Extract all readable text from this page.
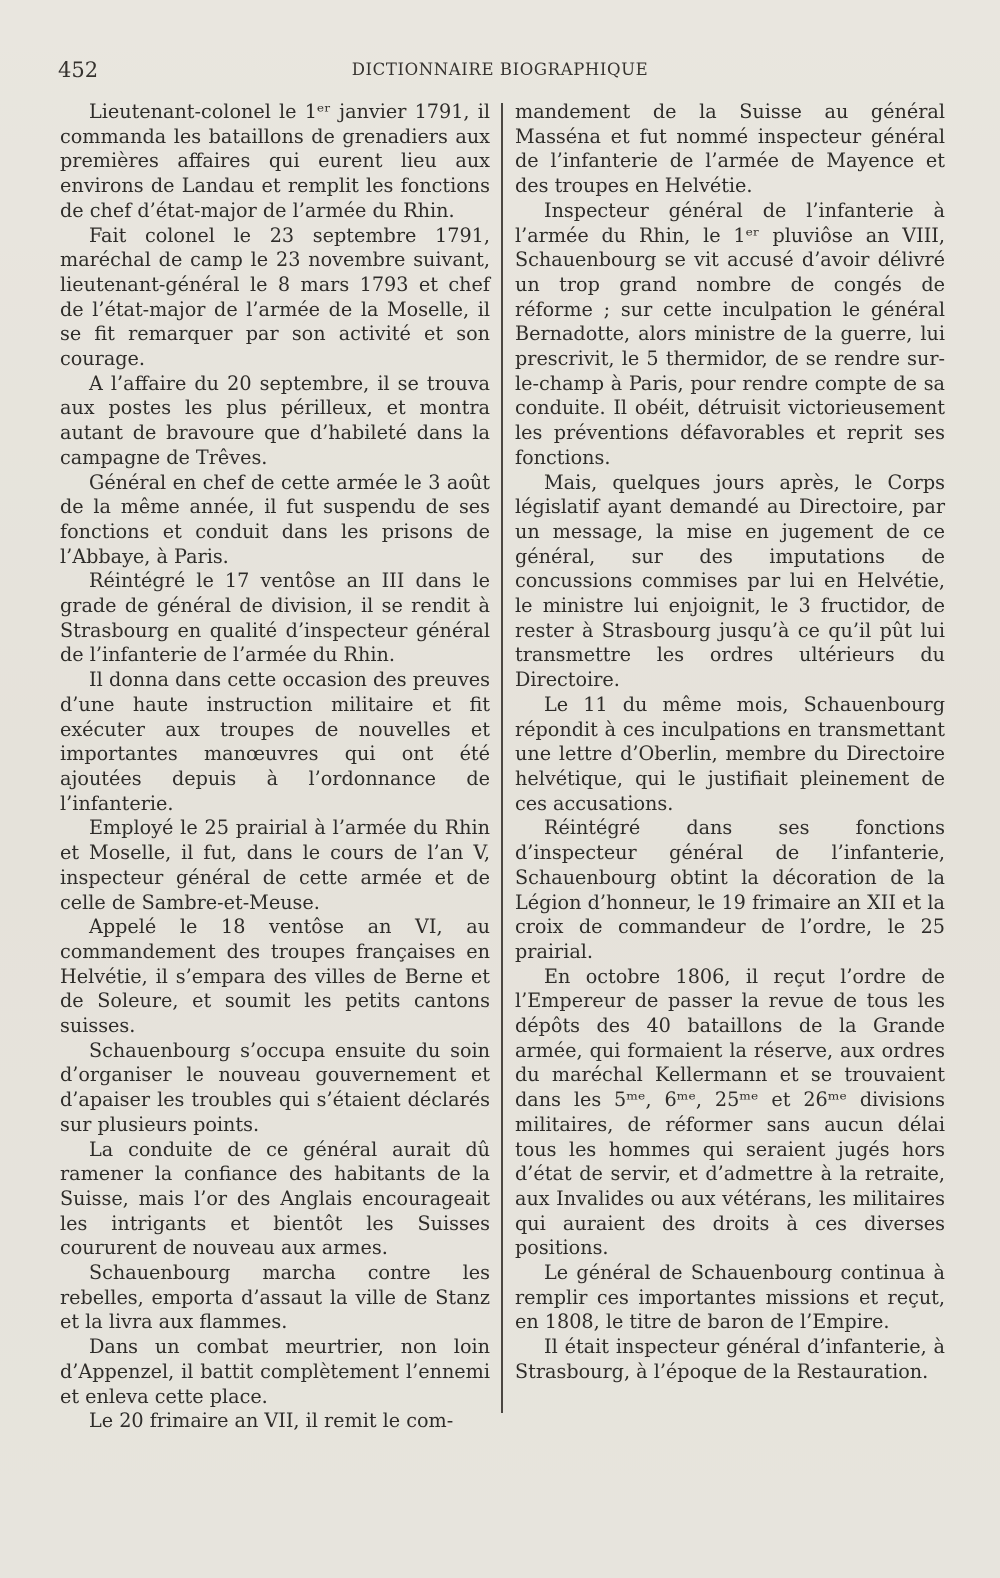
452	DICTIONNAIRE BIOGRAPHIQUE

Lieutenant-colonel le 1ᵉʳ janvier 1791, il commanda les bataillons de grenadiers aux premières affaires qui eurent lieu aux environs de Landau et remplit les fonctions de chef d’état-major de l’armée du Rhin.

Fait colonel le 23 septembre 1791, maréchal de camp le 23 novembre suivant, lieutenant-général le 8 mars 1793 et chef de l’état-major de l’armée de la Moselle, il se fit remarquer par son activité et son courage.

A l’affaire du 20 septembre, il se trouva aux postes les plus périlleux, et montra autant de bravoure que d’habileté dans la campagne de Trêves.

Général en chef de cette armée le 3 août de la même année, il fut suspendu de ses fonctions et conduit dans les prisons de l’Abbaye, à Paris.

Réintégré le 17 ventôse an III dans le grade de général de division, il se rendit à Strasbourg en qualité d’inspecteur général de l’infanterie de l’armée du Rhin.

Il donna dans cette occasion des preuves d’une haute instruction militaire et fit exécuter aux troupes de nouvelles et importantes manœuvres qui ont été ajoutées depuis à l’ordonnance de l’infanterie.

Employé le 25 prairial à l’armée du Rhin et Moselle, il fut, dans le cours de l’an V, inspecteur général de cette armée et de celle de Sambre-et-Meuse.

Appelé le 18 ventôse an VI, au commandement des troupes françaises en Helvétie, il s’empara des villes de Berne et de Soleure, et soumit les petits cantons suisses.

Schauenbourg s’occupa ensuite du soin d’organiser le nouveau gouvernement et d’apaiser les troubles qui s’étaient déclarés sur plusieurs points.

La conduite de ce général aurait dû ramener la confiance des habitants de la Suisse, mais l’or des Anglais encourageait les intrigants et bientôt les Suisses coururent de nouveau aux armes.

Schauenbourg marcha contre les rebelles, emporta d’assaut la ville de Stanz et la livra aux flammes.

Dans un combat meurtrier, non loin d’Appenzel, il battit complètement l’ennemi et enleva cette place.

Le 20 frimaire an VII, il remit le com-

mandement de la Suisse au général Masséna et fut nommé inspecteur général de l’infanterie de l’armée de Mayence et des troupes en Helvétie.

Inspecteur général de l’infanterie à l’armée du Rhin, le 1ᵉʳ pluviôse an VIII, Schauenbourg se vit accusé d’avoir délivré un trop grand nombre de congés de réforme ; sur cette inculpation le général Bernadotte, alors ministre de la guerre, lui prescrivit, le 5 thermidor, de se rendre sur-le-champ à Paris, pour rendre compte de sa conduite. Il obéit, détruisit victorieusement les préventions défavorables et reprit ses fonctions.

Mais, quelques jours après, le Corps législatif ayant demandé au Directoire, par un message, la mise en jugement de ce général, sur des imputations de concussions commises par lui en Helvétie, le ministre lui enjoignit, le 3 fructidor, de rester à Strasbourg jusqu’à ce qu’il pût lui transmettre les ordres ultérieurs du Directoire.

Le 11 du même mois, Schauenbourg répondit à ces inculpations en transmettant une lettre d’Oberlin, membre du Directoire helvétique, qui le justifiait pleinement de ces accusations.

Réintégré dans ses fonctions d’inspecteur général de l’infanterie, Schauenbourg obtint la décoration de la Légion d’honneur, le 19 frimaire an XII et la croix de commandeur de l’ordre, le 25 prairial.

En octobre 1806, il reçut l’ordre de l’Empereur de passer la revue de tous les dépôts des 40 bataillons de la Grande armée, qui formaient la réserve, aux ordres du maréchal Kellermann et se trouvaient dans les 5ᵐᵉ, 6ᵐᵉ, 25ᵐᵉ et 26ᵐᵉ divisions militaires, de réformer sans aucun délai tous les hommes qui seraient jugés hors d’état de servir, et d’admettre à la retraite, aux Invalides ou aux vétérans, les militaires qui auraient des droits à ces diverses positions.

Le général de Schauenbourg continua à remplir ces importantes missions et reçut, en 1808, le titre de baron de l’Empire.

Il était inspecteur général d’infanterie, à Strasbourg, à l’époque de la Restauration.
